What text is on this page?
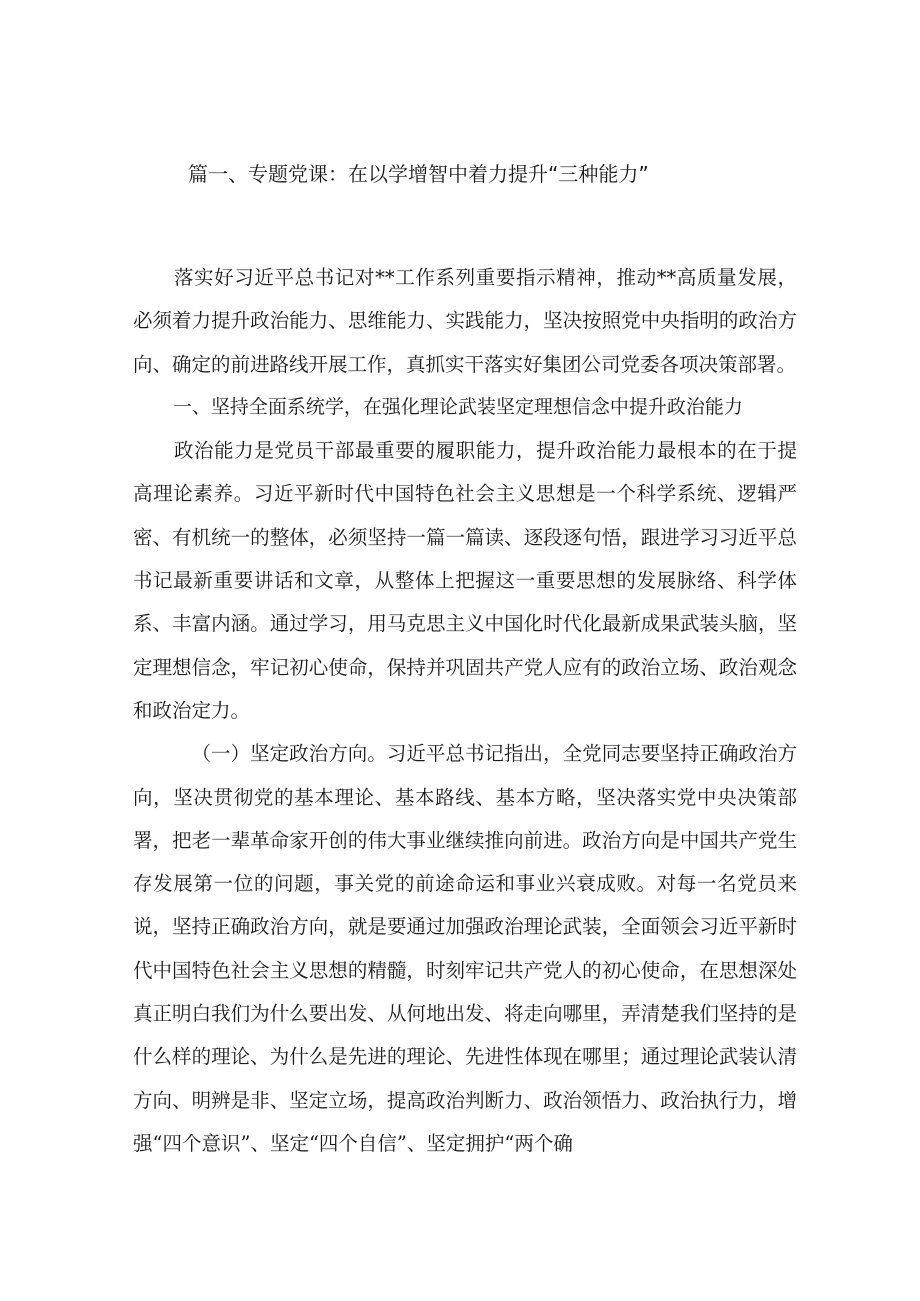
篇一、专题党课：在以学增智中着力提升“三种能力”

落实好习近平总书记对**工作系列重要指示精神，推动**高质量发展，必须着力提升政治能力、思维能力、实践能力，坚决按照党中央指明的政治方向、确定的前进路线开展工作，真抓实干落实好集团公司党委各项决策部署。

一、坚持全面系统学，在强化理论武装坚定理想信念中提升政治能力

政治能力是党员干部最重要的履职能力，提升政治能力最根本的在于提高理论素养。习近平新时代中国特色社会主义思想是一个科学系统、逻辑严密、有机统一的整体，必须坚持一篇一篇读、逐段逐句悟，跟进学习习近平总书记最新重要讲话和文章，从整体上把握这一重要思想的发展脉络、科学体系、丰富内涵。通过学习，用马克思主义中国化时代化最新成果武装头脑，坚定理想信念，牢记初心使命，保持并巩固共产党人应有的政治立场、政治观念和政治定力。

（一）坚定政治方向。习近平总书记指出，全党同志要坚持正确政治方向，坚决贯彻党的基本理论、基本路线、基本方略，坚决落实党中央决策部署，把老一辈革命家开创的伟大事业继续推向前进。政治方向是中国共产党生存发展第一位的问题，事关党的前途命运和事业兴衰成败。对每一名党员来说，坚持正确政治方向，就是要通过加强政治理论武装，全面领会习近平新时代中国特色社会主义思想的精髓，时刻牢记共产党人的初心使命，在思想深处真正明白我们为什么要出发、从何地出发、将走向哪里，弄清楚我们坚持的是什么样的理论、为什么是先进的理论、先进性体现在哪里；通过理论武装认清方向、明辨是非、坚定立场，提高政治判断力、政治领悟力、政治执行力，增强“四个意识”、坚定“四个自信”、坚定拥护“两个确
